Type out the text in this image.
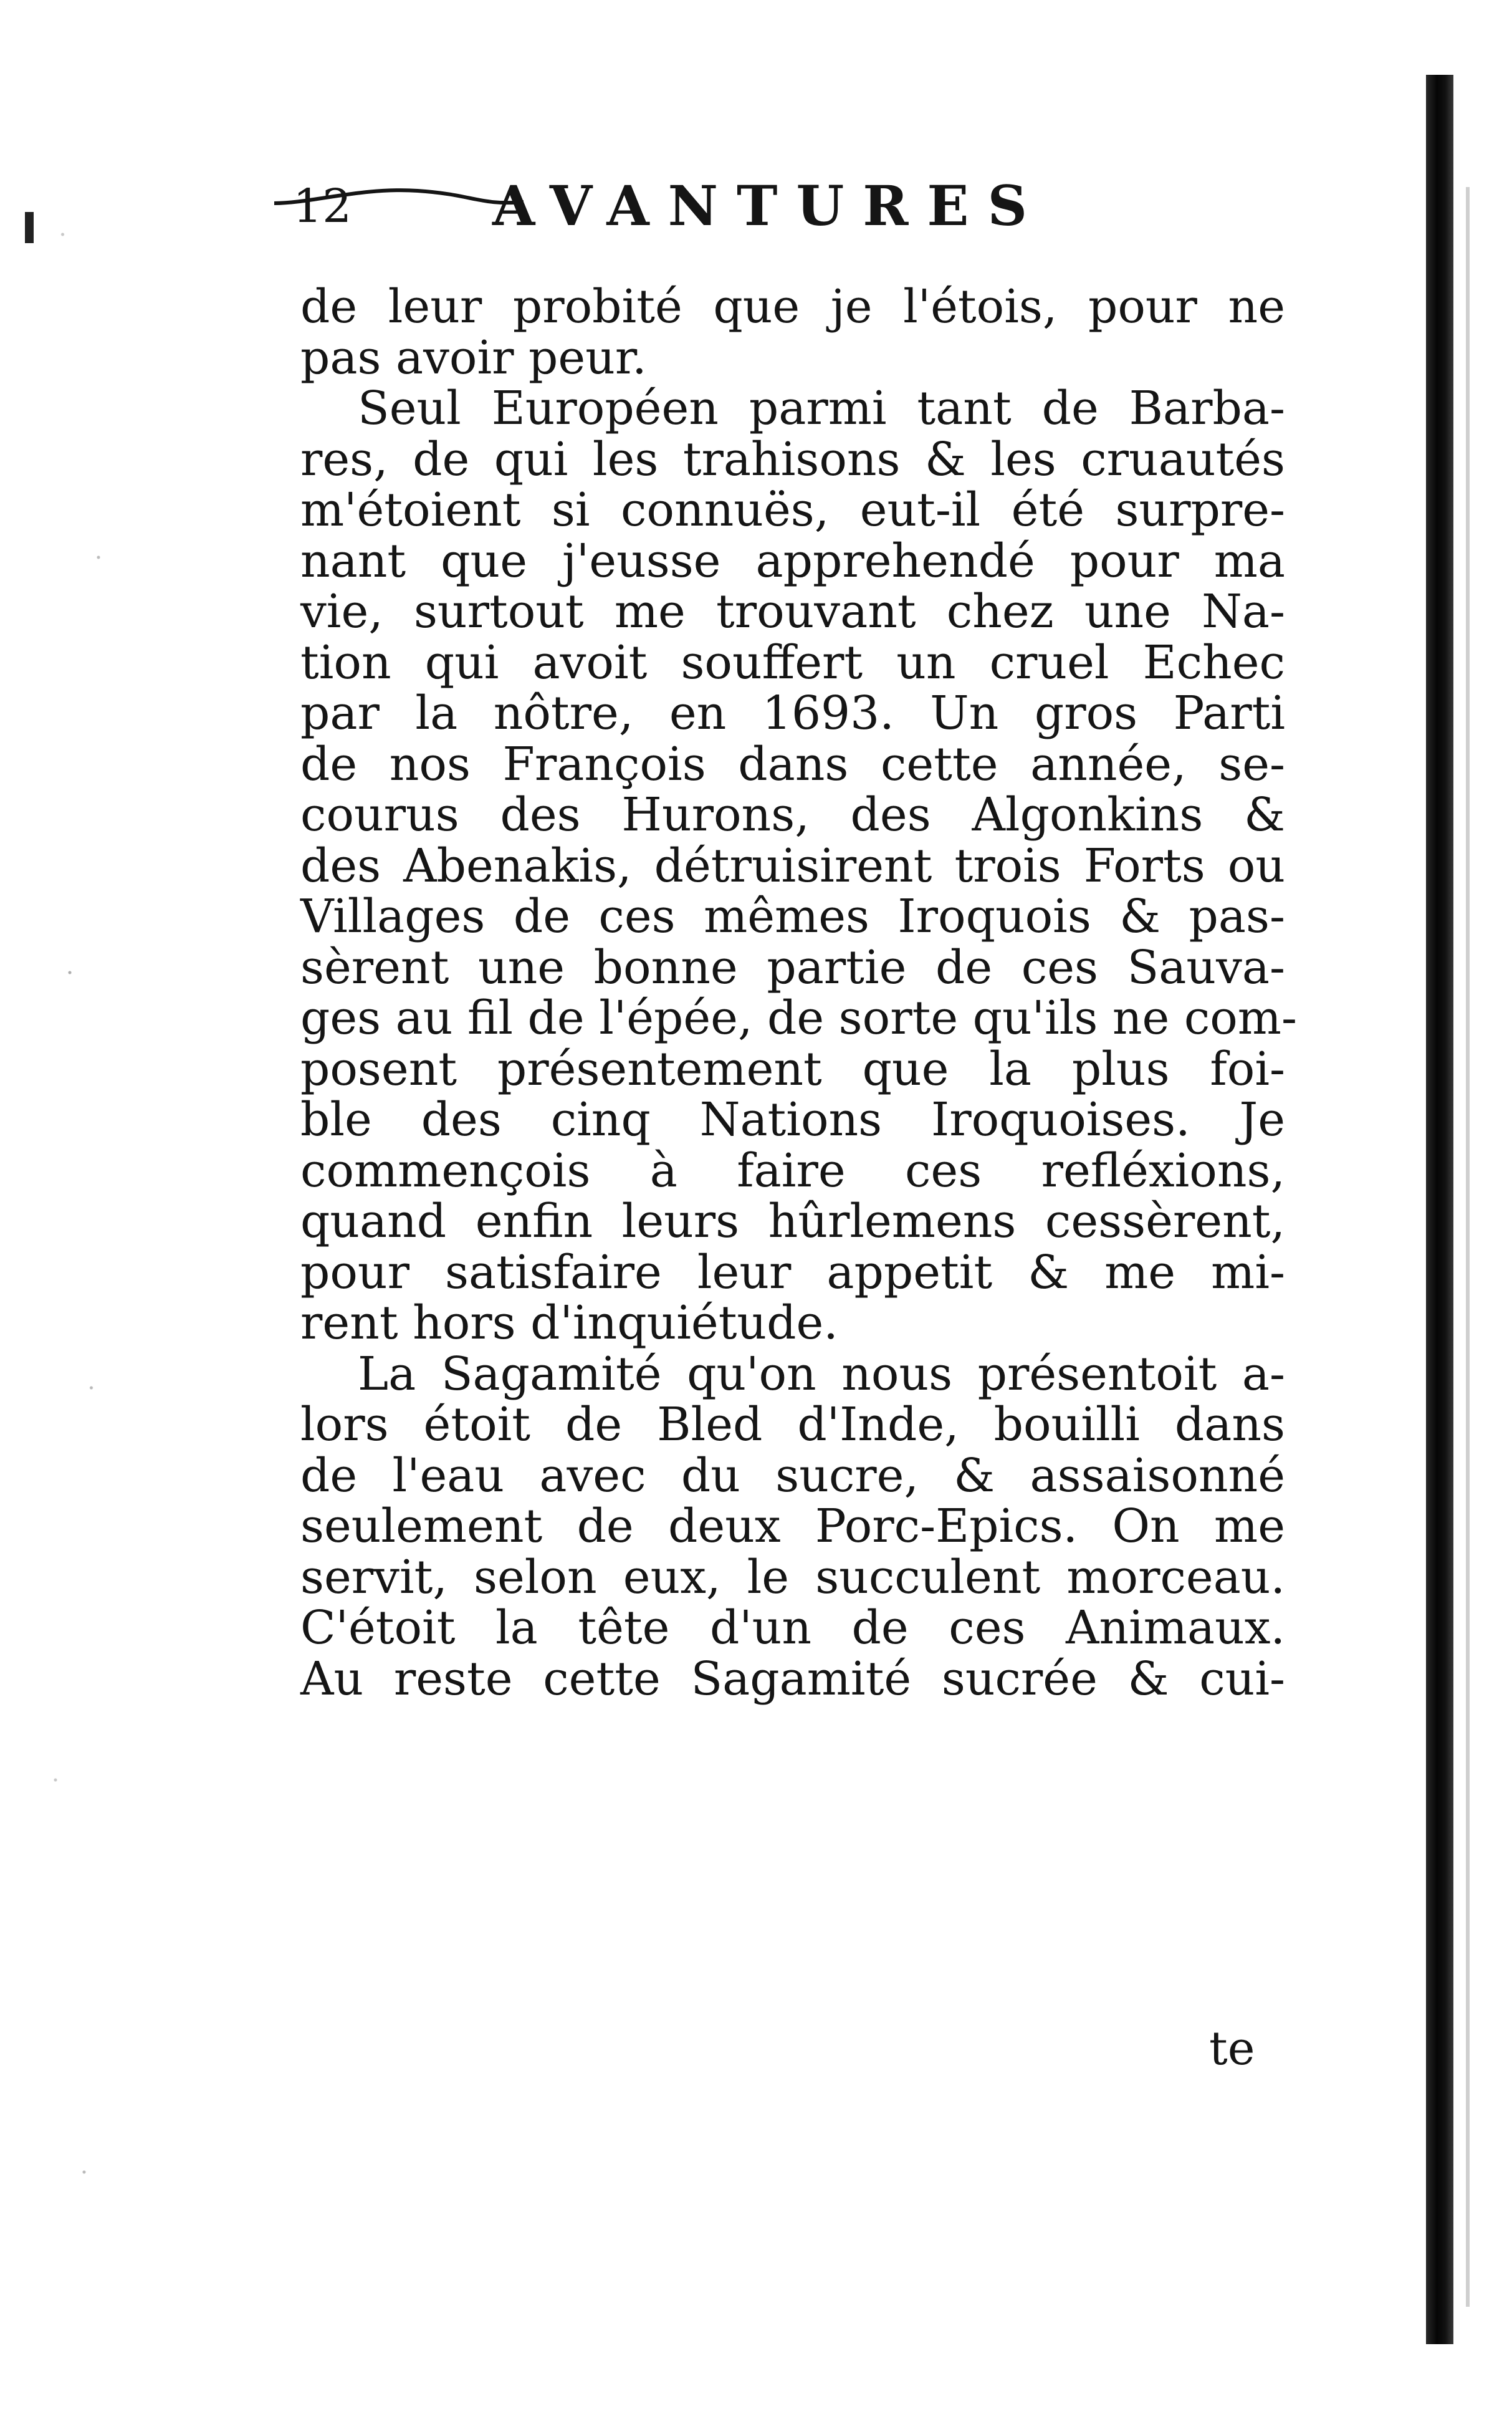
12	AVANTURES
de leur probité que je l'étois, pour ne
pas avoir peur.
Seul Européen parmi tant de Barba-
res, de qui les trahisons & les cruautés
m'étoient si connuës, eut-il été surpre-
nant que j'eusse apprehendé pour ma
vie, surtout me trouvant chez une Na-
tion qui avoit souffert un cruel Echec
par la nôtre, en 1693. Un gros Parti
de nos François dans cette année, se-
courus des Hurons, des Algonkins &
des Abenakis, détruisirent trois Forts ou
Villages de ces mêmes Iroquois & pas-
sèrent une bonne partie de ces Sauva-
ges au fil de l'épée, de sorte qu'ils ne com-
posent présentement que la plus foi-
ble des cinq Nations Iroquoises. Je
commençois à faire ces refléxions,
quand enfin leurs hûrlemens cessèrent,
pour satisfaire leur appetit & me mi-
rent hors d'inquiétude.
La Sagamité qu'on nous présentoit a-
lors étoit de Bled d'Inde, bouilli dans
de l'eau avec du sucre, & assaisonné
seulement de deux Porc-Epics. On me
servit, selon eux, le succulent morceau.
C'étoit la tête d'un de ces Animaux.
Au reste cette Sagamité sucrée & cui-
te
